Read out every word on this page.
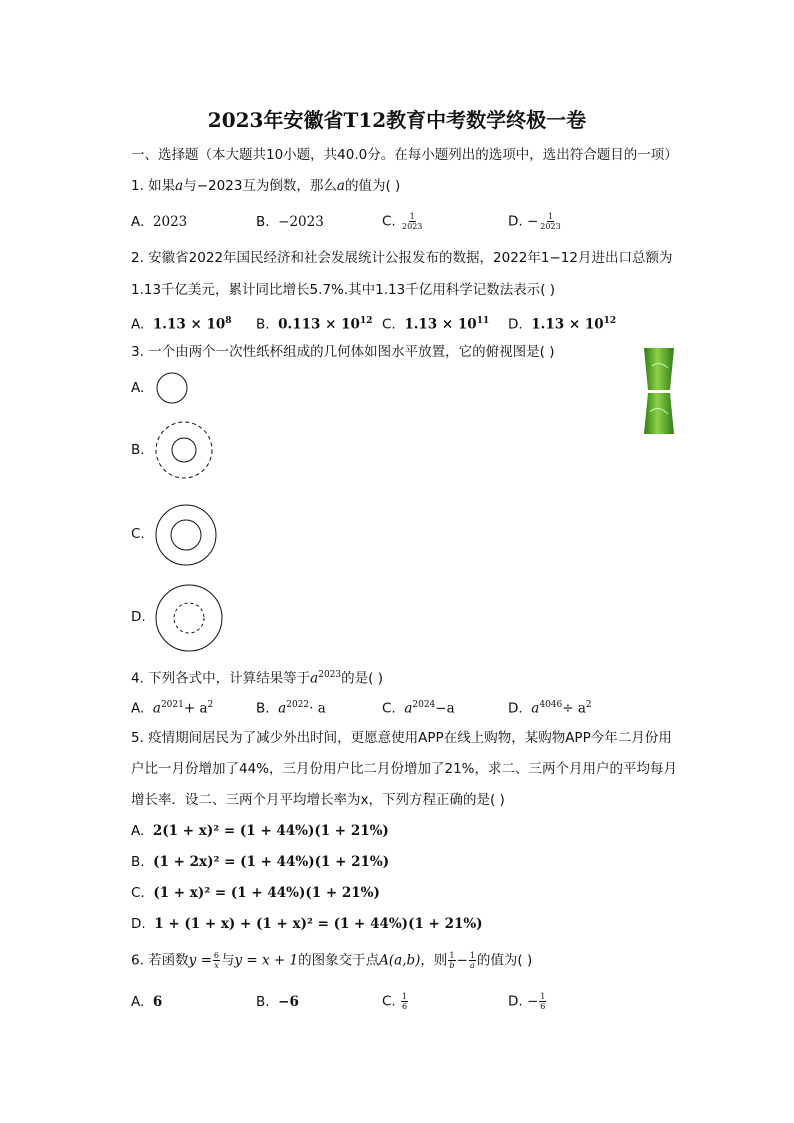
2023年安徽省T12教育中考数学终极一卷
一、选择题（本大题共10小题，共40.0分。在每小题列出的选项中，选出符合题目的一项）
1. 如果a与−2023互为倒数，那么a的值为( )
A. 2023	B. −2023	C. $\frac{1}{2023}$	D. − $\frac{1}{2023}$
2. 安徽省2022年国民经济和社会发展统计公报发布的数据，2022年1−12月进出口总额为
1.13千亿美元，累计同比增长5.7%.其中1.13千亿用科学记数法表示( )
A. $1.13 \times 10^8$ B. $0.113 \times 10^{12}$ C. $1.13 \times 10^{11}$ D. $1.13 \times 10^{12}$
3. 一个由两个一次性纸杯组成的几何体如图水平放置，它的俯视图是( )
A.
B.
C.
D.
4. 下列各式中，计算结果等于$a^{2023}$的是( )
A. $a^{2021}+ a^2$	B. $a^{2022}\cdot a$	C. $a^{2024}-a$	D. $a^{4046}\div a^2$
5. 疫情期间居民为了减少外出时间，更愿意使用APP在线上购物，某购物APP今年二月份用
户比一月份增加了44%，三月份用户比二月份增加了21%，求二、三两个月用户的平均每月
增长率．设二、三两个月平均增长率为x，下列方程正确的是( )
A. 2(1 + x)² = (1 + 44%)(1 + 21%)
B. (1 + 2x)² = (1 + 44%)(1 + 21%)
C. (1 + x)² = (1 + 44%)(1 + 21%)
D. 1 + (1 + x) + (1 + x)² = (1 + 44%)(1 + 21%)
6. 若函数$y = \frac{6}{x}$ 与y = x + 1的图象交于点A(a,b)，则 $\frac{1}{b} - \frac{1}{a}$ 的值为( )
A. 6	B. −6	C. $\frac{1}{6}$	D. − $\frac{1}{6}$
